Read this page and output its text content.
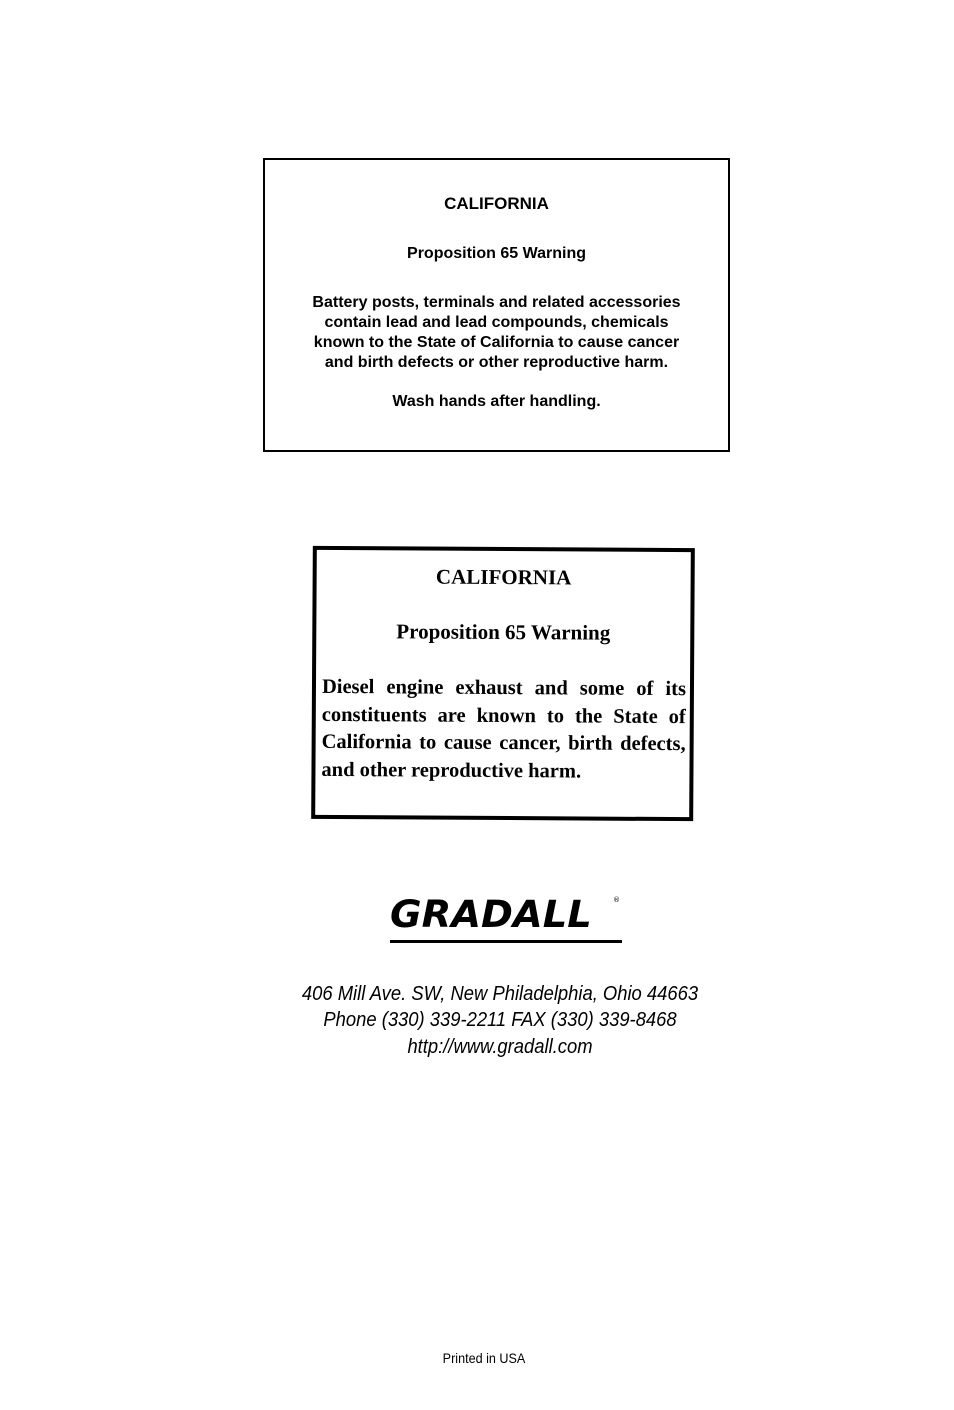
CALIFORNIA
Proposition 65 Warning
Battery posts, terminals and related accessories
contain lead and lead compounds, chemicals
known to the State of California to cause cancer
and birth defects or other reproductive harm.
Wash hands after handling.
CALIFORNIA
Proposition 65 Warning
Diesel engine exhaust and some of its constituents are known to the State of California to cause cancer, birth defects, and other reproductive harm.
GRADALL	®
406 Mill Ave. SW, New Philadelphia, Ohio 44663
Phone (330) 339-2211 FAX (330) 339-8468
http://www.gradall.com
Printed in USA
